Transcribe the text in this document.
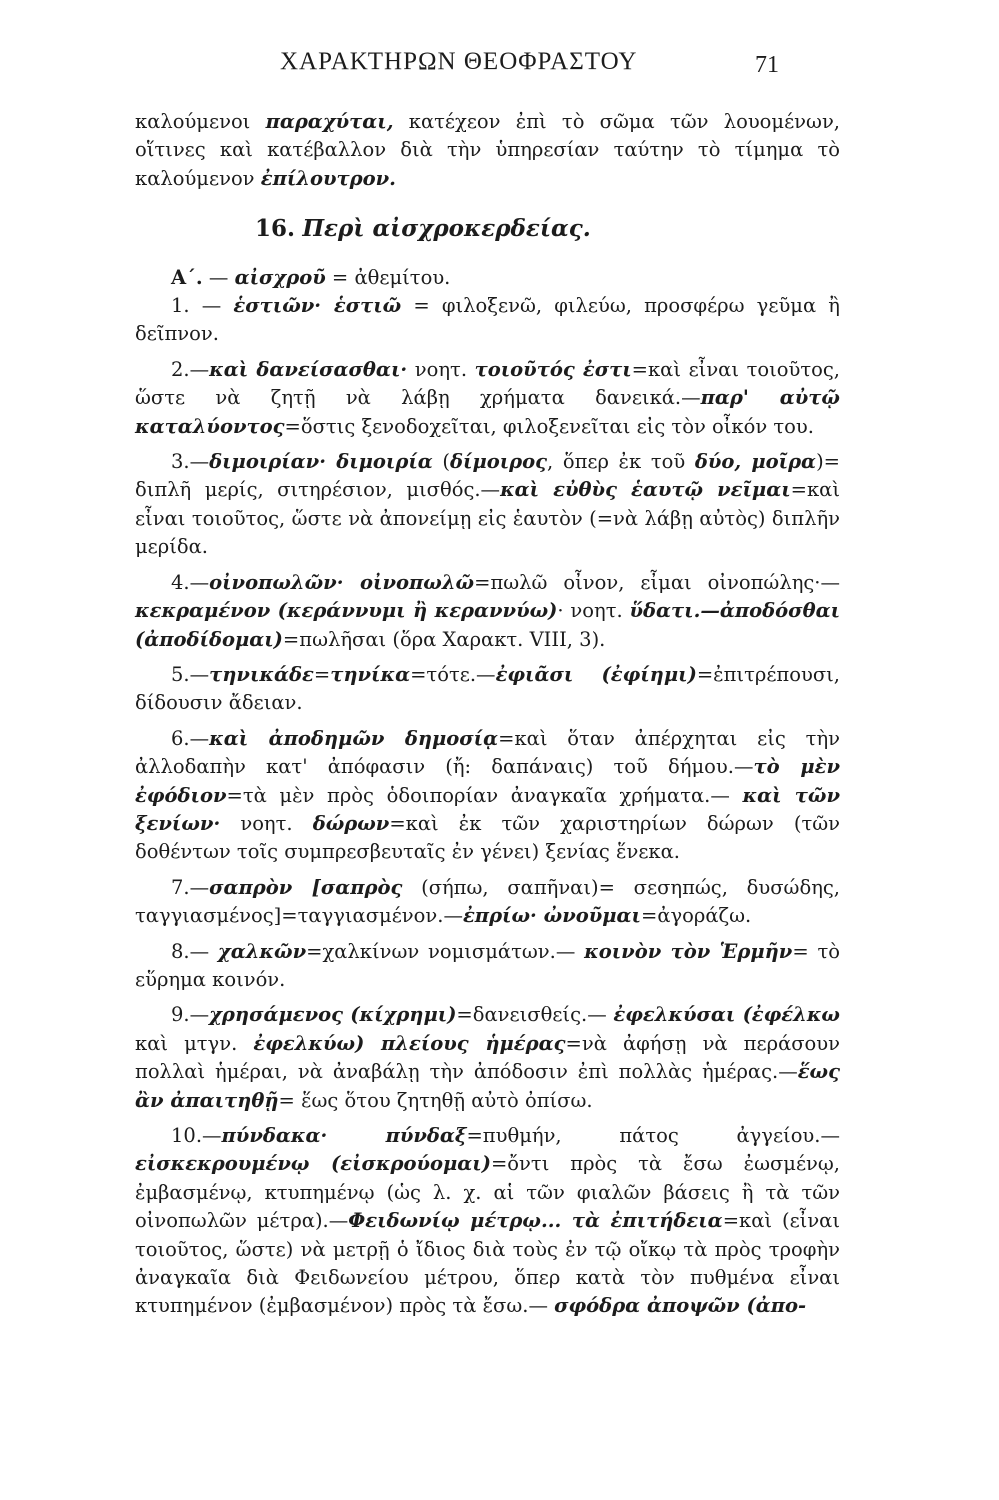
ΧΑΡΑΚΤΗΡΩΝ ΘΕΟΦΡΑΣΤΟΥ	71

καλούμενοι παραχύται, κατέχεον ἐπὶ τὸ σῶμα τῶν λουομένων, οἵτινες καὶ κατέβαλλον διὰ τὴν ὑπηρεσίαν ταύτην τὸ τίμημα τὸ καλούμενον ἐπίλουτρον.

16. Περὶ αἰσχροκερδείας.

Α΄. — αἰσχροῦ = ἀθεμίτου.

1. — ἑστιῶν· ἑστιῶ = φιλοξενῶ, φιλεύω, προσφέρω γεῦμα ἢ δεῖπνον.

2.—καὶ δανείσασθαι· νοητ. τοιοῦτός ἐστι=καὶ εἶναι τοιοῦτος, ὥστε νὰ ζητῇ νὰ λάβῃ χρήματα δανεικά.—παρ' αὐτῷ καταλύοντος=ὅστις ξενοδοχεῖται, φιλοξενεῖται εἰς τὸν οἶκόν του.

3.—διμοιρίαν· διμοιρία (δίμοιρος, ὅπερ ἐκ τοῦ δύο, μοῖρα)= διπλῆ μερίς, σιτηρέσιον, μισθός.—καὶ εὐθὺς ἑαυτῷ νεῖμαι=καὶ εἶναι τοιοῦτος, ὥστε νὰ ἀπονείμῃ εἰς ἑαυτὸν (=νὰ λάβῃ αὐτὸς) διπλῆν μερίδα.

4.—οἰνοπωλῶν· οἰνοπωλῶ=πωλῶ οἶνον, εἶμαι οἰνοπώλης·—κεκραμένον (κεράννυμι ἢ κεραννύω)· νοητ. ὕδατι.—ἀποδόσθαι (ἀποδίδομαι)=πωλῆσαι (ὅρα Χαρακτ. VIII, 3).

5.—τηνικάδε=τηνίκα=τότε.—ἐφιᾶσι (ἐφίημι)=ἐπιτρέπουσι, δίδουσιν ἄδειαν.

6.—καὶ ἀποδημῶν δημοσίᾳ=καὶ ὅταν ἀπέρχηται εἰς τὴν ἀλλοδαπὴν κατ' ἀπόφασιν (ἤ: δαπάναις) τοῦ δήμου.—τὸ μὲν ἐφόδιον=τὰ μὲν πρὸς ὁδοιπορίαν ἀναγκαῖα χρήματα.— καὶ τῶν ξενίων· νοητ. δώρων=καὶ ἐκ τῶν χαριστηρίων δώρων (τῶν δοθέντων τοῖς συμπρεσβευταῖς ἐν γένει) ξενίας ἕνεκα.

7.—σαπρὸν [σαπρὸς (σήπω, σαπῆναι)= σεσηπώς, δυσώδης, ταγγιασμένος]=ταγγιασμένον.—ἐπρίω· ὠνοῦμαι=ἀγοράζω.

8.— χαλκῶν=χαλκίνων νομισμάτων.— κοινὸν τὸν Ἑρμῆν= τὸ εὕρημα κοινόν.

9.—χρησάμενος (κίχρημι)=δανεισθείς.— ἐφελκύσαι (ἐφέλκω καὶ μτγν. ἐφελκύω) πλείους ἡμέρας=νὰ ἀφήσῃ νὰ περάσουν πολλαὶ ἡμέραι, νὰ ἀναβάλῃ τὴν ἀπόδοσιν ἐπὶ πολλὰς ἡμέρας.—ἕως ἂν ἀπαιτηθῇ= ἕως ὅτου ζητηθῇ αὐτὸ ὀπίσω.

10.—πύνδακα· πύνδαξ=πυθμήν, πάτος ἀγγείου.—εἰσκεκρουμένῳ (εἰσκρούομαι)=ὄντι πρὸς τὰ ἔσω ἐωσμένῳ, ἐμβασμένῳ, κτυπημένῳ (ὡς λ. χ. αἱ τῶν φιαλῶν βάσεις ἢ τὰ τῶν οἰνοπωλῶν μέτρα).—Φειδωνίῳ μέτρῳ... τὰ ἐπιτήδεια=καὶ (εἶναι τοιοῦτος, ὥστε) νὰ μετρῇ ὁ ἴδιος διὰ τοὺς ἐν τῷ οἴκῳ τὰ πρὸς τροφὴν ἀναγκαῖα διὰ Φειδωνείου μέτρου, ὅπερ κατὰ τὸν πυθμένα εἶναι κτυπημένον (ἐμβασμένον) πρὸς τὰ ἔσω.— σφόδρα ἀποψῶν (ἀπο-
